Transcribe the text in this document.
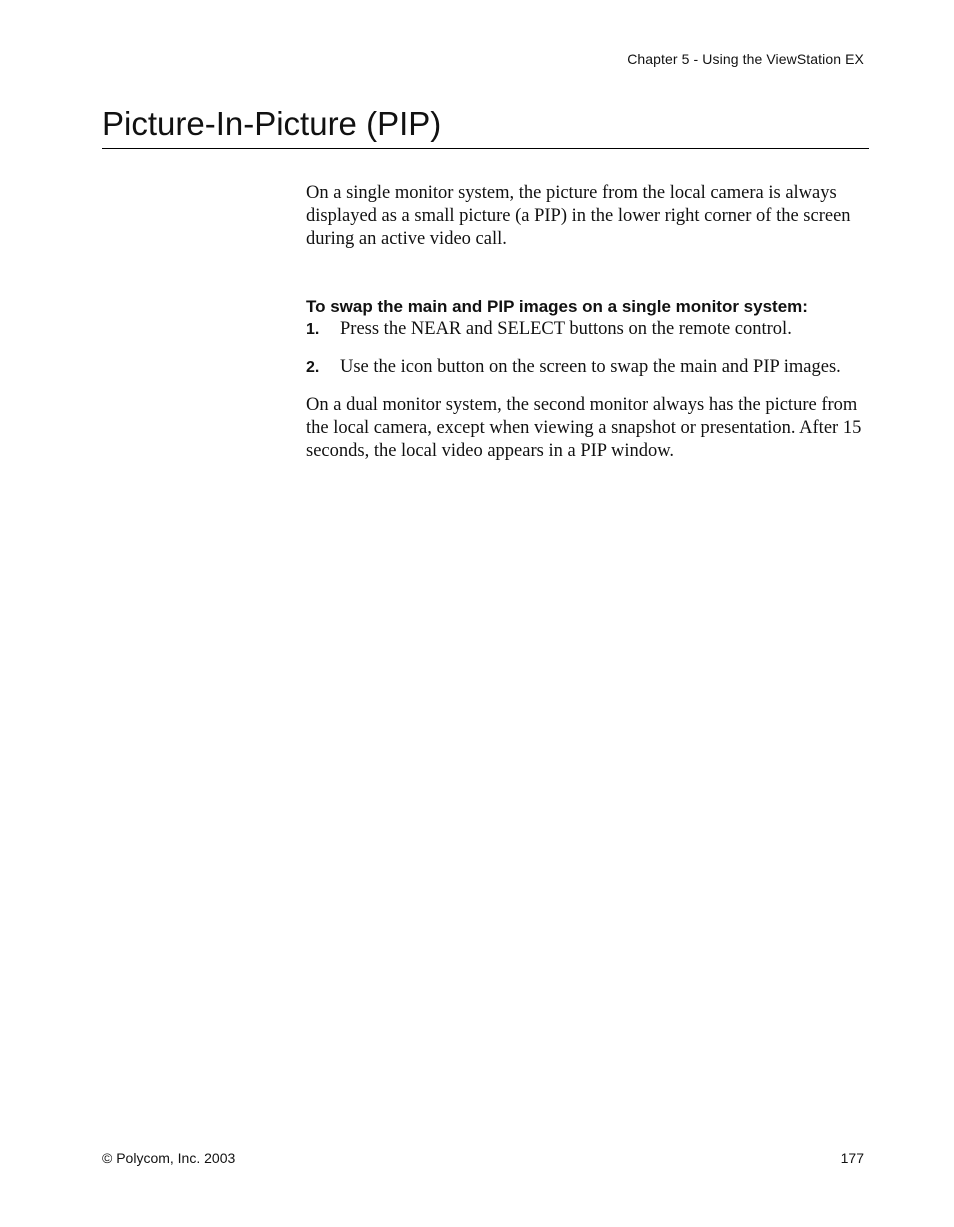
Chapter 5 - Using the ViewStation EX
Picture-In-Picture (PIP)

On a single monitor system, the picture from the local camera is always displayed as a small picture (a PIP) in the lower right corner of the screen during an active video call.

To swap the main and PIP images on a single monitor system:

1.	Press the NEAR and SELECT buttons on the remote control.
2.	Use the icon button on the screen to swap the main and PIP images.

On a dual monitor system, the second monitor always has the picture from the local camera, except when viewing a snapshot or presentation. After 15 seconds, the local video appears in a PIP window.

© Polycom, Inc. 2003	177
